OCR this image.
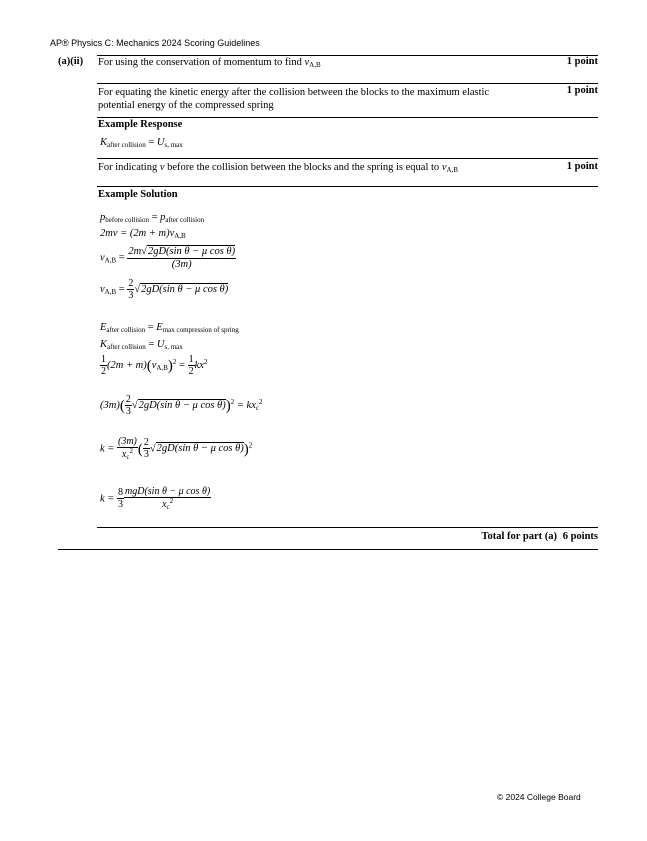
AP® Physics C: Mechanics 2024 Scoring Guidelines
(a)(ii) For using the conservation of momentum to find $v_{A,B}$	1 point
For equating the kinetic energy after the collision between the blocks to the maximum elastic
potential energy of the compressed spring
1 point
Example Response
$K_{after collision} = U_{s, max}$
For indicating v before the collision between the blocks and the spring is equal to $v_{A,B}$	1 point
Example Solution
$p_{before collision} = p_{after collision}$
$2mv = (2m + m)v_{A,B}$
$v_{A,B} = \frac{\text{2m√2gD(sin θ − μ cos θ)}}{(3m)}$
$v_{A,B} = \frac{2}{3} √2gD(\sin$ θ − μ cos θ)
$E_{after collision} = E_{max compression of spring}$
$K_{after collision} = U_{s, max}$
$\frac{1}{2} (2m + m)(v_{A,B})^2 = \frac{1}{2} kx^2$
$(3m)( \frac{2}{3} √2gD(\sin$ θ − μ $\cos \theta))^2 = kx_c^2$
$k = \frac{(3m)}{x_c^2}$ ( $\frac{2}{3} √2gD(\sin$ θ − μ cos θ))$^2$
$k = \frac{8}{3} \frac{\text{mgD(sin θ − μ cos θ)}}{x_c^2}$
Total for part (a) 6 points
© 2024 College Board
